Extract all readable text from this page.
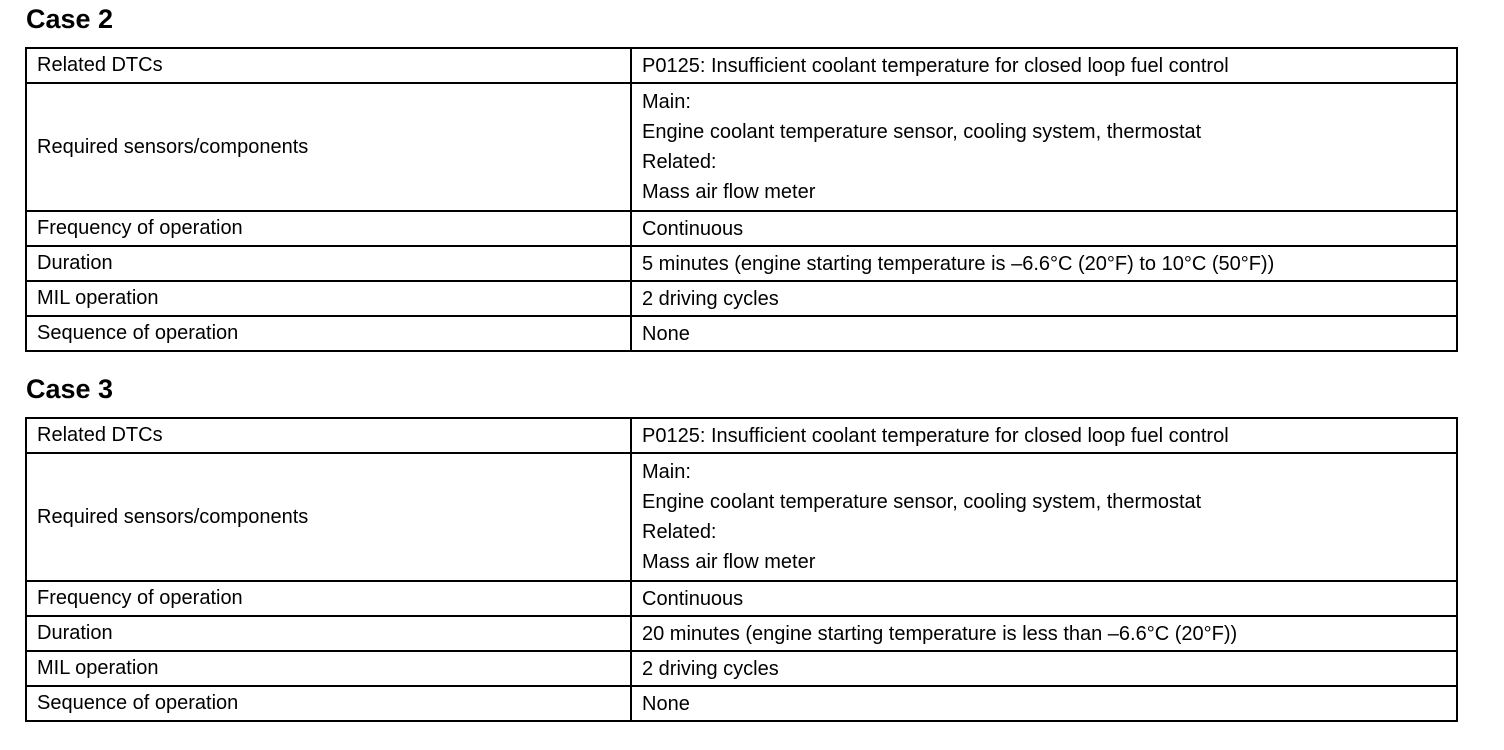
Case 2
Related DTCs	P0125: Insufficient coolant temperature for closed loop fuel control

Required sensors/components	Main:
Engine coolant temperature sensor, cooling system, thermostat
Related:
Mass air flow meter

Frequency of operation	Continuous

Duration	5 minutes (engine starting temperature is –6.6°C (20°F) to 10°C (50°F))

MIL operation	2 driving cycles

Sequence of operation	None
Case 3
Related DTCs	P0125: Insufficient coolant temperature for closed loop fuel control

Required sensors/components	Main:
Engine coolant temperature sensor, cooling system, thermostat
Related:
Mass air flow meter

Frequency of operation	Continuous

Duration	20 minutes (engine starting temperature is less than –6.6°C (20°F))

MIL operation	2 driving cycles

Sequence of operation	None
